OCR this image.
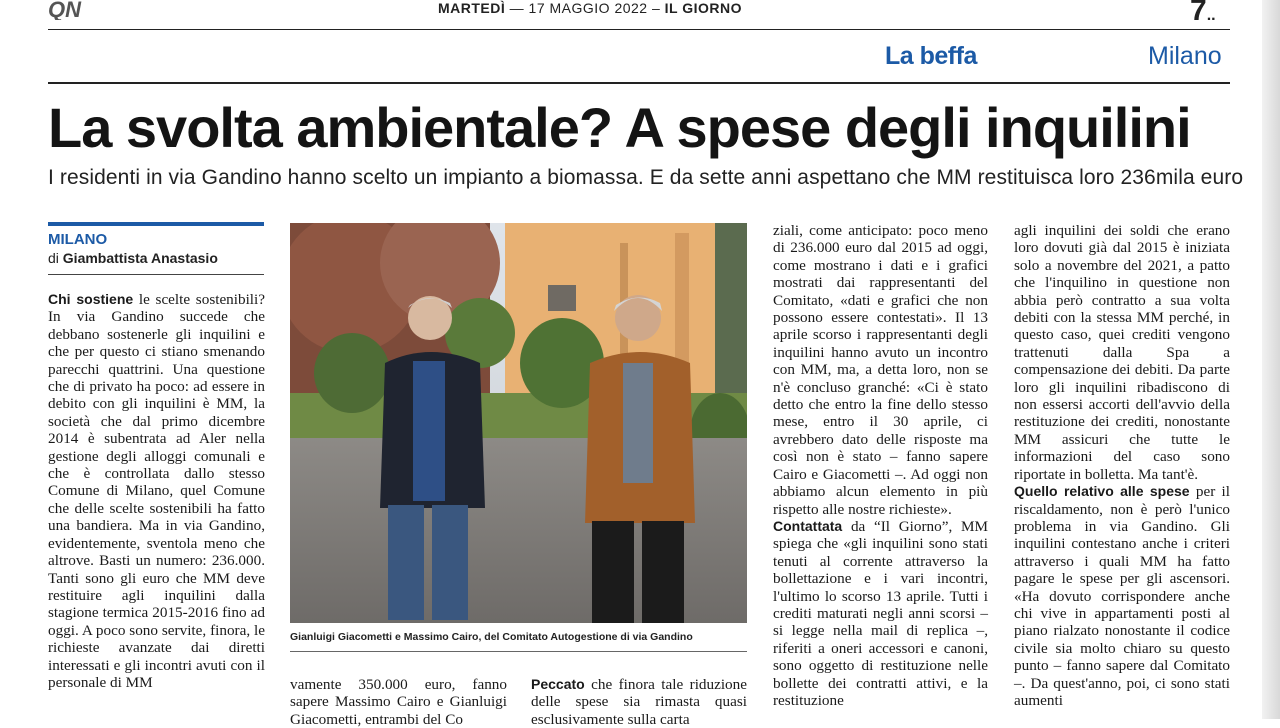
QN	MARTEDÌ — 17 MAGGIO 2022 – IL GIORNO	7..
La beffa	Milano
La svolta ambientale? A spese degli inquilini
I residenti in via Gandino hanno scelto un impianto a biomassa. E da sette anni aspettano che MM restituisca loro 236mila euro
MILANO
di Giambattista Anastasio

Chi sostiene le scelte sostenibili? In via Gandino succede che debbano sostenerle gli inquilini e che per questo ci stiano smenando parecchi quattrini. Una questione che di privato ha poco: ad essere in debito con gli inquilini è MM, la società che dal primo dicembre 2014 è subentrata ad Aler nella gestione degli alloggi comunali e che è controllata dallo stesso Comune di Milano, quel Comune che delle scelte sostenibili ha fatto una bandiera. Ma in via Gandino, evidentemente, sventola meno che altrove. Basti un numero: 236.000. Tanti sono gli euro che MM deve restituire agli inquilini dalla stagione termica 2015-2016 fino ad oggi. A poco sono servite, finora, le richieste avanzate dai diretti interessati e gli incontri avuti con il personale di MM

Gianluigi Giacometti e Massimo Cairo, del Comitato Autogestione di via Gandino

vamente 350.000 euro, fanno sapere Massimo Cairo e Gianluigi Giacometti, entrambi del Co

Peccato che finora tale riduzione delle spese sia rimasta quasi esclusivamente sulla carta

ziali, come anticipato: poco meno di 236.000 euro dal 2015 ad oggi, come mostrano i dati e i grafici mostrati dai rappresentanti del Comitato, «dati e grafici che non possono essere contestati». Il 13 aprile scorso i rappresentanti degli inquilini hanno avuto un incontro con MM, ma, a detta loro, non se n'è concluso granché: «Ci è stato detto che entro la fine dello stesso mese, entro il 30 aprile, ci avrebbero dato delle risposte ma così non è stato – fanno sapere Cairo e Giacometti –. Ad oggi non abbiamo alcun elemento in più rispetto alle nostre richieste».

Contattata da “Il Giorno”, MM spiega che «gli inquilini sono stati tenuti al corrente attraverso la bollettazione e i vari incontri, l'ultimo lo scorso 13 aprile. Tutti i crediti maturati negli anni scorsi – si legge nella mail di replica –, riferiti a oneri accessori e canoni, sono oggetto di restituzione nelle bollette dei contratti attivi, e la restituzione

agli inquilini dei soldi che erano loro dovuti già dal 2015 è iniziata solo a novembre del 2021, a patto che l'inquilino in questione non abbia però contratto a sua volta debiti con la stessa MM perché, in questo caso, quei crediti vengono trattenuti dalla Spa a compensazione dei debiti. Da parte loro gli inquilini ribadiscono di non essersi accorti dell'avvio della restituzione dei crediti, nonostante MM assicuri che tutte le informazioni del caso sono riportate in bolletta. Ma tant'è.

Quello relativo alle spese per il riscaldamento, non è però l'unico problema in via Gandino. Gli inquilini contestano anche i criteri attraverso i quali MM ha fatto pagare le spese per gli ascensori. «Ha dovuto corrispondere anche chi vive in appartamenti posti al piano rialzato nonostante il codice civile sia molto chiaro su questo punto – fanno sapere dal Comitato –. Da quest'anno, poi, ci sono stati aumenti
